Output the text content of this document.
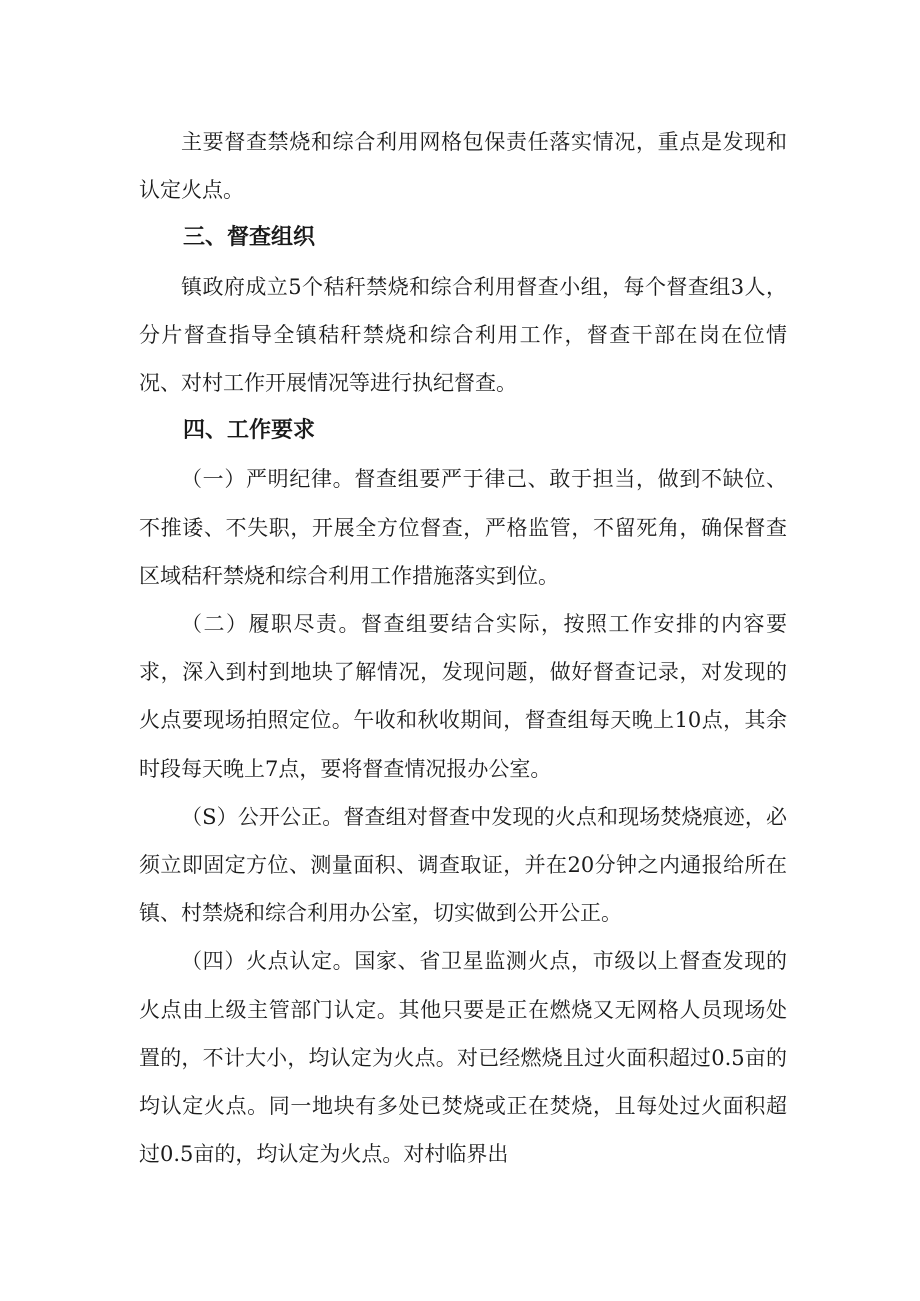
主要督查禁烧和综合利用网格包保责任落实情况，重点是发现和认定火点。

三、督查组织

镇政府成立5个秸秆禁烧和综合利用督查小组，每个督查组3人，分片督查指导全镇秸秆禁烧和综合利用工作，督查干部在岗在位情况、对村工作开展情况等进行执纪督查。

四、工作要求

（一）严明纪律。督查组要严于律己、敢于担当，做到不缺位、不推诿、不失职，开展全方位督查，严格监管，不留死角，确保督查区域秸秆禁烧和综合利用工作措施落实到位。

（二）履职尽责。督查组要结合实际，按照工作安排的内容要求，深入到村到地块了解情况，发现问题，做好督查记录，对发现的火点要现场拍照定位。午收和秋收期间，督查组每天晚上10点，其余时段每天晚上7点，要将督查情况报办公室。

（S）公开公正。督查组对督查中发现的火点和现场焚烧痕迹，必须立即固定方位、测量面积、调查取证，并在20分钟之内通报给所在镇、村禁烧和综合利用办公室，切实做到公开公正。

（四）火点认定。国家、省卫星监测火点，市级以上督查发现的火点由上级主管部门认定。其他只要是正在燃烧又无网格人员现场处置的，不计大小，均认定为火点。对已经燃烧且过火面积超过0.5亩的均认定火点。同一地块有多处已焚烧或正在焚烧，且每处过火面积超过0.5亩的，均认定为火点。对村临界出
